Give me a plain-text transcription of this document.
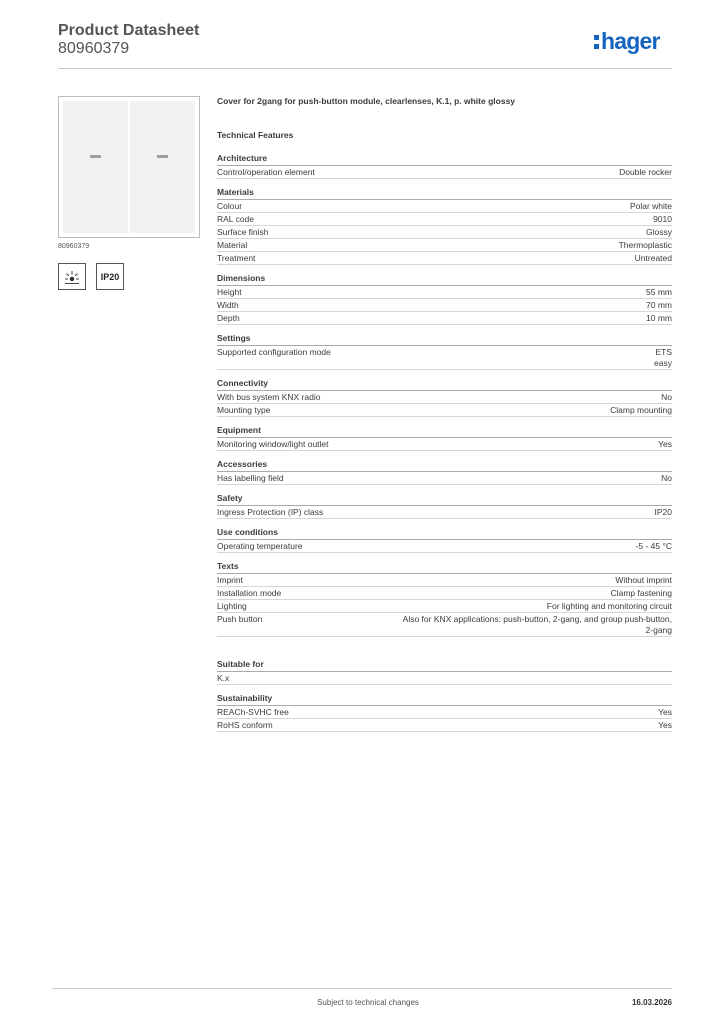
Product Datasheet
80960379	hager
80960379
IP20
Cover for 2gang for push-button module, clearlenses, K.1, p. white glossy
Technical Features
Architecture
Control/operation element	Double rocker
Materials
Colour	Polar white
RAL code	9010
Surface finish	Glossy
Material	Thermoplastic
Treatment	Untreated
Dimensions
Height	55 mm
Width	70 mm
Depth	10 mm
Settings
Supported configuration mode	ETS
easy
Connectivity
With bus system KNX radio	No
Mounting type	Clamp mounting
Equipment
Monitoring window/light outlet	Yes
Accessories
Has labelling field	No
Safety
Ingress Protection (IP) class	IP20
Use conditions
Operating temperature	-5 - 45 °C
Texts
Imprint	Without imprint
Installation mode	Clamp fastening
Lighting	For lighting and monitoring circuit
Push button	Also for KNX applications: push-button, 2-gang, and group push-button,
2-gang
Suitable for
K.x
Sustainability
REACh-SVHC free	Yes
RoHS conform	Yes
Subject to technical changes	16.03.2026
